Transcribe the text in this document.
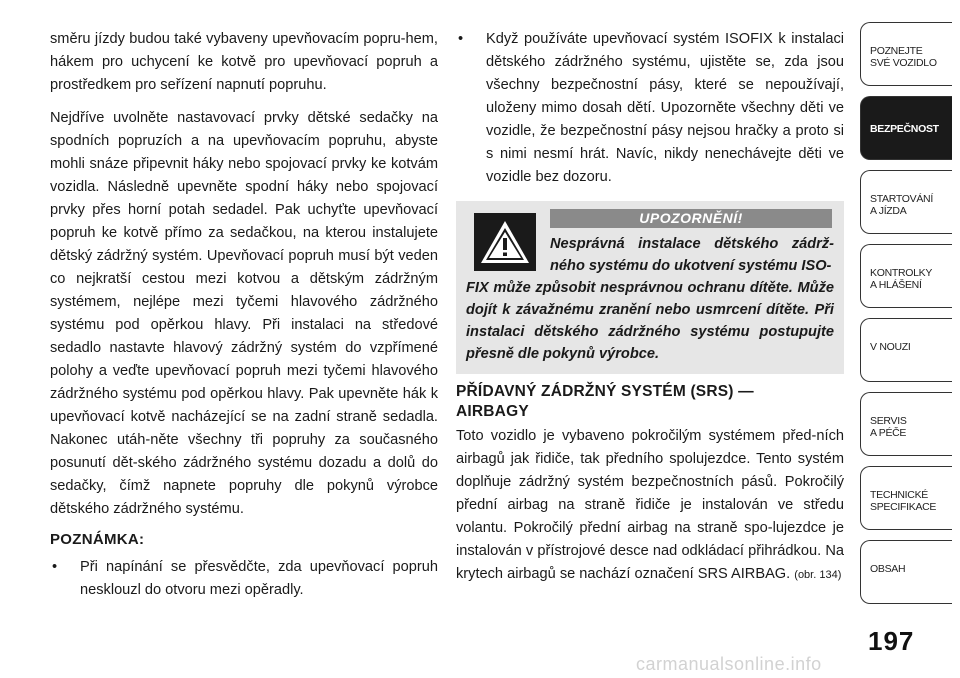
směru jízdy budou také vybaveny upevňovacím popru-hem, hákem pro uchycení ke kotvě pro upevňovací popruh a prostředkem pro seřízení napnutí popruhu.

Nejdříve uvolněte nastavovací prvky dětské sedačky na spodních popruzích a na upevňovacím popruhu, abyste mohli snáze připevnit háky nebo spojovací prvky ke kotvám vozidla. Následně upevněte spodní háky nebo spojovací prvky přes horní potah sedadel. Pak uchyťte upevňovací popruh ke kotvě přímo za sedačkou, na kterou instalujete dětský zádržný systém. Upevňovací popruh musí být veden co nejkratší cestou mezi kotvou a dětským zádržným systémem, nejlépe mezi tyčemi hlavového zádržného systému pod opěrkou hlavy. Při instalaci na středové sedadlo nastavte hlavový zádržný systém do vzpřímené polohy a veďte upevňovací popruh mezi tyčemi hlavového zádržného systému pod opěrkou hlavy. Pak upevněte hák k upevňovací kotvě nacházející se na zadní straně sedadla. Nakonec utáh-něte všechny tři popruhy za současného posunutí dět-ského zádržného systému dozadu a dolů do sedačky, čímž napnete popruhy dle pokynů výrobce dětského zádržného systému.

POZNÁMKA:
• Při napínání se přesvědčte, zda upevňovací popruh nesklouzl do otvoru mezi opěradly.
• Když používáte upevňovací systém ISOFIX k instalaci dětského zádržného systému, ujistěte se, zda jsou všechny bezpečnostní pásy, které se nepoužívají, uloženy mimo dosah dětí. Upozorněte všechny děti ve vozidle, že bezpečnostní pásy nejsou hračky a proto si s nimi nesmí hrát. Navíc, nikdy nenechávejte děti ve vozidle bez dozoru.
UPOZORNĚNÍ!
Nesprávná instalace dětského zádrž-ného systému do ukotvení systému ISO-
FIX může způsobit nesprávnou ochranu dítěte. Může dojít k závažnému zranění nebo usmrcení dítěte. Při instalaci dětského zádržného systému postupujte přesně dle pokynů výrobce.
PŘÍDAVNÝ ZÁDRŽNÝ SYSTÉM (SRS) —
AIRBAGY

Toto vozidlo je vybaveno pokročilým systémem před-ních airbagů jak řidiče, tak předního spolujezdce. Tento systém doplňuje zádržný systém bezpečnostních pásů. Pokročilý přední airbag na straně řidiče je instalován ve středu volantu. Pokročilý přední airbag na straně spo-lujezdce je instalován v přístrojové desce nad odkládací přihrádkou. Na krytech airbagů se nachází označení SRS AIRBAG. (obr. 134)

POZNEJTE
SVÉ VOZIDLO
BEZPEČNOST
STARTOVÁNÍ
A JÍZDA
KONTROLKY
A HLÁŠENÍ
V NOUZI
SERVIS
A PÉČE
TECHNICKÉ
SPECIFIKACE
OBSAH
197
carmanualsonline.info
